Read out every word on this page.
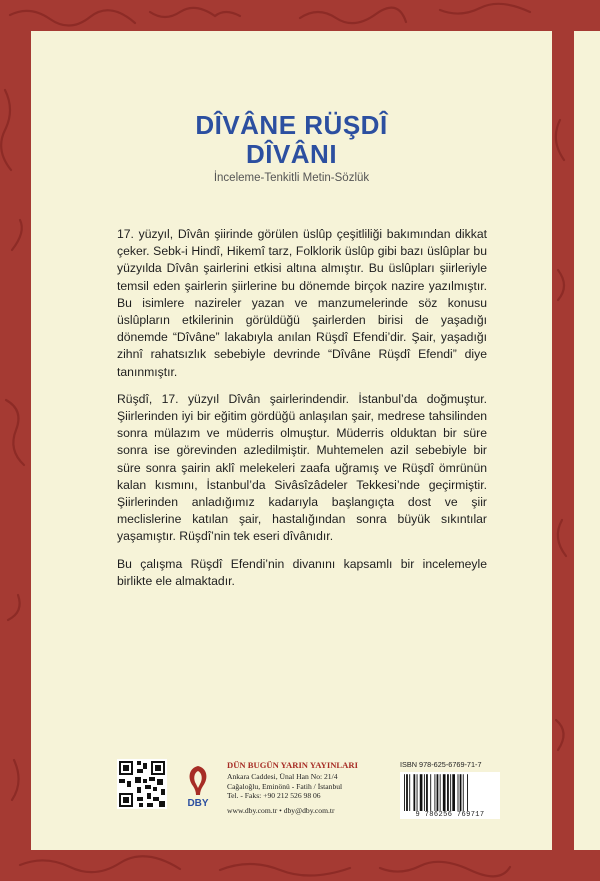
DÎVÂNE RÜŞDÎ
DÎVÂNI
İnceleme-Tenkitli Metin-Sözlük

17. yüzyıl, Dîvân şiirinde görülen üslûp çeşitliliği bakımından dikkat çeker. Sebk-i Hindî, Hikemî tarz, Folklorik üslûp gibi bazı üslûplar bu yüzyılda Dîvân şairlerini etkisi altına almıştır. Bu üslûpları şiirleriyle temsil eden şairlerin şiirlerine bu dönemde birçok nazire yazılmıştır. Bu isimlere nazireler yazan ve manzumelerinde söz konusu üslûpların etkilerinin görüldüğü şairlerden birisi de yaşadığı dönemde “Dîvâne” lakabıyla anılan Rüşdî Efendi’dir. Şair, yaşadığı zihnî rahatsızlık sebebiyle devrinde “Dîvâne Rüşdî Efendi” diye tanınmıştır.

Rüşdî, 17. yüzyıl Dîvân şairlerindendir. İstanbul’da doğmuştur. Şiirlerinden iyi bir eğitim gördüğü anlaşılan şair, medrese tahsilinden sonra mülazım ve müderris olmuştur. Müderris olduktan bir süre sonra ise görevinden azledilmiştir. Muhtemelen azil sebebiyle bir süre sonra şairin aklî melekeleri zaafa uğramış ve Rüşdî ömrünün kalan kısmını, İstanbul’da Sivâsîzâdeler Tekkesi’nde geçirmiştir. Şiirlerinden anladığımız kadarıyla başlangıçta dost ve şiir meclislerine katılan şair, hastalığından sonra büyük sıkıntılar yaşamıştır. Rüşdî’nin tek eseri dîvânıdır.

Bu çalışma Rüşdî Efendi’nin divanını kapsamlı bir incelemeyle birlikte ele almaktadır.

DBY
DÜN BUGÜN YARIN YAYINLARI
Ankara Caddesi, Ünal Han No: 21/4
Cağaloğlu, Eminönü - Fatih / İstanbul
Tel. - Faks: +90 212 526 98 06
www.dby.com.tr • dby@dby.com.tr
ISBN 978-625-6769-71-7
9 786256 769717
